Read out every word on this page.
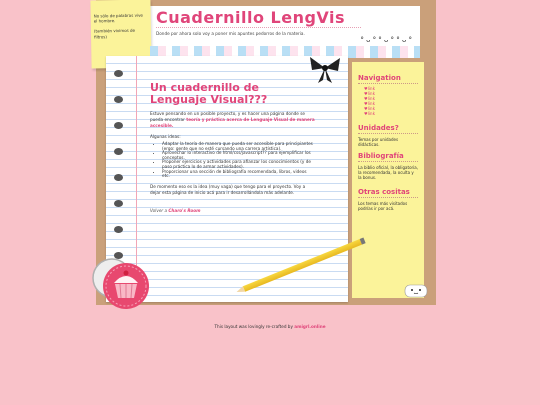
Cuadernillo LengVis
Donde por ahora solo voy a poner mis apuntes pedorros de la materia.
° ᴗ ° ° ᴗ ° ° ᴗ °

No sólo de palabras vive el hombre.

(también vivimos de filtros)

Un cuadernillo de Lenguaje Visual???

Estuve pensando en un posible proyecto, y es hacer una página donde se pueda encontrar teoría y práctica acerca de Lenguaje Visual de manera accesible.

Algunas ideas:

• Adaptar la teoría de manera que pueda ser accesible para principiantes (ergo: gente que no esté cursando una carrera artística).
• Aprovechar lo interactivo de html/css/javascript?? para ejemplificar los conceptos.
• Proponer ejercicios y actividades para afianzar los conocimientos (y de paso práctica lo de armar actividades).
• Proporcionar una sección de bibliografía recomendada, libros, videos etc.

De momento eso es la idea (muy vaga) que tengo para el proyecto. Voy a dejar esta página de inicio acá para ir desarrollándola más adelante.

Volver a Charo's Room
Navigation
♥ link
♥ link
♥ link
♥ link
♥ link
♥ link
Unidades?

Temas por unidades didácticas.

Bibliografía

La biblio oficial, la obligatoria, la recomendada, la oculta y la bonus.

Otras cositas

Los temas más visitados podrías ir por acá.

This layout was lovingly re-crafted by amigrl.online
